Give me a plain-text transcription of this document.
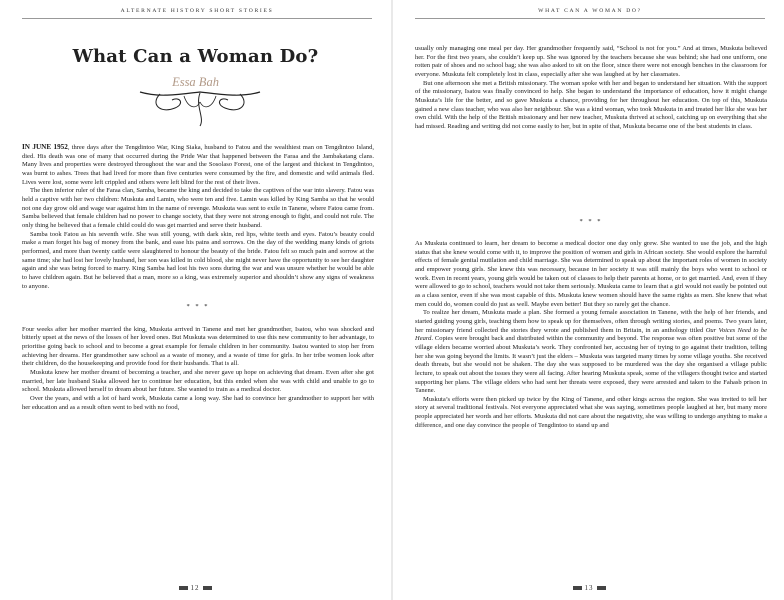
ALTERNATE HISTORY SHORT STORIES
What Can a Woman Do?
Essa Bah

IN JUNE 1952, three days after the Tengdintoo War, King Siaka, husband to Fatou and the wealthiest man on Tengdintoo Island, died. His death was one of many that occurred during the Pride War that happened between the Faraa and the Jambakatang clans. Many lives and properties were destroyed throughout the war and the Sosolaso Forest, one of the largest and thickest in Tengdintoo, was burnt to ashes. Trees that had lived for more than five centuries were consumed by the fire, and domestic and wild animals fled. Lives were lost, some were left crippled and others were left blind for the rest of their lives.

The then inferior ruler of the Faraa clan, Samba, became the king and decided to take the captives of the war into slavery. Fatou was held a captive with her two children: Muskuta and Lamin, who were ten and five. Lamin was killed by King Samba so that he would not one day grow old and wage war against him in the name of revenge. Muskuta was sent to exile in Tanene, where Fatou came from. Samba believed that female children had no power to change society, that they were not strong enough to fight, and could not rule. The only thing he believed that a female child could do was get married and serve their husband.

Samba took Fatou as his seventh wife. She was still young, with dark skin, red lips, white teeth and eyes. Fatou’s beauty could make a man forget his bag of money from the bank, and ease his pains and sorrows. On the day of the wedding many kinds of griots performed, and more than twenty cattle were slaughtered to honour the beauty of the bride. Fatou felt so much pain and sorrow at the same time; she had lost her lovely husband, her son was killed in cold blood, she might never have the opportunity to see her daughter again and she was being forced to marry. King Samba had lost his two sons during the war and was unsure whether he would be able to have children again. But he believed that a man, more so a king, was extremely superior and shouldn’t show any signs of weakness to anyone.

* * *

Four weeks after her mother married the king, Muskuta arrived in Tanene and met her grandmother, Isatou, who was shocked and bitterly upset at the news of the losses of her loved ones. But Muskuta was determined to use this new community to her advantage, to prioritise going back to school and to become a great example for female children in her community. Isatou wanted to stop her from achieving her dreams. Her grandmother saw school as a waste of money, and a waste of time for girls. In her tribe women look after their children, do the housekeeping and provide food for their husbands. That is all.

Muskuta knew her mother dreamt of becoming a teacher, and she never gave up hope on achieving that dream. Even after she got married, her late husband Siaka allowed her to continue her education, but this ended when she was with child and unable to go to school. Muskuta allowed herself to dream about her future. She wanted to train as a medical doctor.

Over the years, and with a lot of hard work, Muskuta came a long way. She had to convince her grandmother to support her with her education and as a result often went to bed with no food,

12
WHAT CAN A WOMAN DO?

usually only managing one meal per day. Her grandmother frequently said, “School is not for you.” And at times, Muskuta believed her. For the first two years, she couldn’t keep up. She was ignored by the teachers because she was behind; she had one uniform, one rotten pair of shoes and no school bag; she was also asked to sit on the floor, since there were not enough benches in the classroom for everyone. Muskuta felt completely lost in class, especially after she was laughed at by her classmates.

But one afternoon she met a British missionary. The woman spoke with her and began to understand her situation. With the support of the missionary, Isatou was finally convinced to help. She began to understand the importance of education, how it might change Muskuta’s life for the better, and so gave Muskuta a chance, providing for her throughout her education. On top of this, Muskuta gained a new class teacher, who was also her neighbour. She was a kind woman, who took Muskuta in and treated her like she was her own child. With the help of the British missionary and her new teacher, Muskuta thrived at school, catching up on everything that she had missed. Reading and writing did not come easily to her, but in spite of that, Muskuta became one of the best students in class.

* * *

As Muskuta continued to learn, her dream to become a medical doctor one day only grew. She wanted to use the job, and the high status that she knew would come with it, to improve the position of women and girls in African society. She would explore the harmful effects of female genital mutilation and child marriage. She was determined to speak up about the important roles of women in society and empower young girls. She knew this was necessary, because in her society it was still mainly the boys who went to school or work. Even in recent years, young girls would be taken out of classes to help their parents at home, or to get married. And, even if they were allowed to go to school, teachers would not take them seriously. Muskuta came to learn that a girl would not easily be pointed out as a class senior, even if she was most capable of this. Muskuta knew women should have the same rights as men. She knew that what men could do, women could do just as well. Maybe even better! But they so rarely get the chance.

To realize her dream, Muskuta made a plan. She formed a young female association in Tanene, with the help of her friends, and started guiding young girls, teaching them how to speak up for themselves, often through writing stories, and poems. Two years later, her missionary friend collected the stories they wrote and published them in Britain, in an anthology titled Our Voices Need to be Heard. Copies were brought back and distributed within the community and beyond. The response was often positive but some of the village elders became worried about Muskuta’s work. They confronted her, accusing her of trying to go against their tradition, telling her she was going beyond the limits. It wasn’t just the elders – Muskuta was targeted many times by some village youths. She received death threats, but she would not be shaken. The day she was supposed to be murdered was the day she organised a village public lecture, to speak out about the issues they were all facing. After hearing Muskuta speak, some of the villagers thought twice and started supporting her plans. The village elders who had sent her threats were exposed, they were arrested and taken to the Fahasb prison in Tanene.

Muskuta’s efforts were then picked up twice by the King of Tanene, and other kings across the region. She was invited to tell her story at several traditional festivals. Not everyone appreciated what she was saying, sometimes people laughed at her, but many more people appreciated her words and her efforts. Muskuta did not care about the negativity, she was willing to undergo anything to make a difference, and one day convince the people of Tengdintoo to stand up and

13
